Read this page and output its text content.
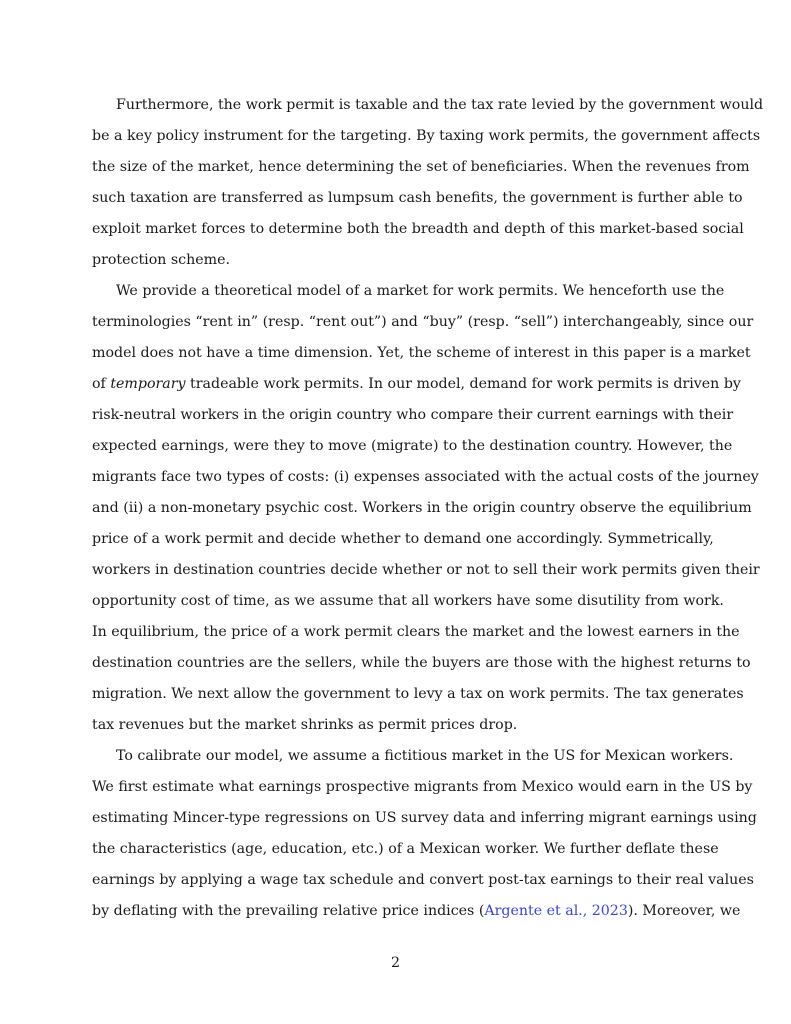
Furthermore, the work permit is taxable and the tax rate levied by the government would
be a key policy instrument for the targeting. By taxing work permits, the government affects
the size of the market, hence determining the set of beneficiaries. When the revenues from
such taxation are transferred as lumpsum cash benefits, the government is further able to
exploit market forces to determine both the breadth and depth of this market-based social
protection scheme.

We provide a theoretical model of a market for work permits. We henceforth use the
terminologies “rent in” (resp. “rent out”) and “buy” (resp. “sell”) interchangeably, since our
model does not have a time dimension. Yet, the scheme of interest in this paper is a market
of temporary tradeable work permits. In our model, demand for work permits is driven by
risk-neutral workers in the origin country who compare their current earnings with their
expected earnings, were they to move (migrate) to the destination country. However, the
migrants face two types of costs: (i) expenses associated with the actual costs of the journey
and (ii) a non-monetary psychic cost. Workers in the origin country observe the equilibrium
price of a work permit and decide whether to demand one accordingly. Symmetrically,
workers in destination countries decide whether or not to sell their work permits given their
opportunity cost of time, as we assume that all workers have some disutility from work.
In equilibrium, the price of a work permit clears the market and the lowest earners in the
destination countries are the sellers, while the buyers are those with the highest returns to
migration. We next allow the government to levy a tax on work permits. The tax generates
tax revenues but the market shrinks as permit prices drop.

To calibrate our model, we assume a fictitious market in the US for Mexican workers.
We first estimate what earnings prospective migrants from Mexico would earn in the US by
estimating Mincer-type regressions on US survey data and inferring migrant earnings using
the characteristics (age, education, etc.) of a Mexican worker. We further deflate these
earnings by applying a wage tax schedule and convert post-tax earnings to their real values
by deflating with the prevailing relative price indices (Argente et al., 2023). Moreover, we

2
